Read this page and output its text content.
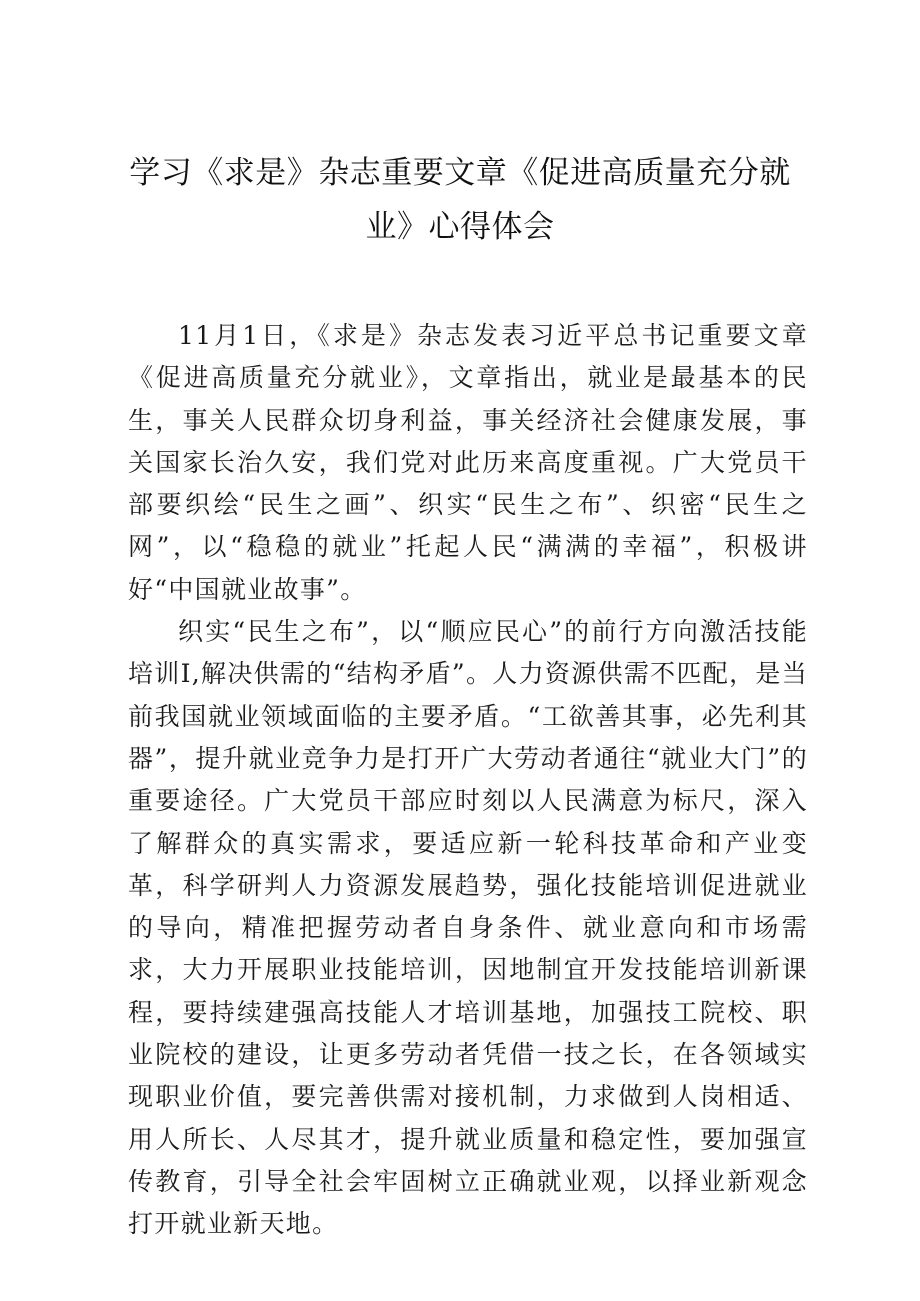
学习《求是》杂志重要文章《促进高质量充分就业》心得体会

11月1日，《求是》杂志发表习近平总书记重要文章《促进高质量充分就业》，文章指出，就业是最基本的民生，事关人民群众切身利益，事关经济社会健康发展，事关国家长治久安，我们党对此历来高度重视。广大党员干部要织绘“民生之画”、织实“民生之布”、织密“民生之网”，以“稳稳的就业”托起人民“满满的幸福”，积极讲好“中国就业故事”。

织实“民生之布”，以“顺应民心”的前行方向激活技能培训I,解决供需的“结构矛盾”。人力资源供需不匹配，是当前我国就业领域面临的主要矛盾。“工欲善其事，必先利其器”，提升就业竞争力是打开广大劳动者通往“就业大门”的重要途径。广大党员干部应时刻以人民满意为标尺，深入了解群众的真实需求，要适应新一轮科技革命和产业变革，科学研判人力资源发展趋势，强化技能培训促进就业的导向，精准把握劳动者自身条件、就业意向和市场需求，大力开展职业技能培训，因地制宜开发技能培训新课程，要持续建强高技能人才培训基地，加强技工院校、职业院校的建设，让更多劳动者凭借一技之长，在各领域实现职业价值，要完善供需对接机制，力求做到人岗相适、用人所长、人尽其才，提升就业质量和稳定性，要加强宣传教育，引导全社会牢固树立正确就业观，以择业新观念打开就业新天地。
